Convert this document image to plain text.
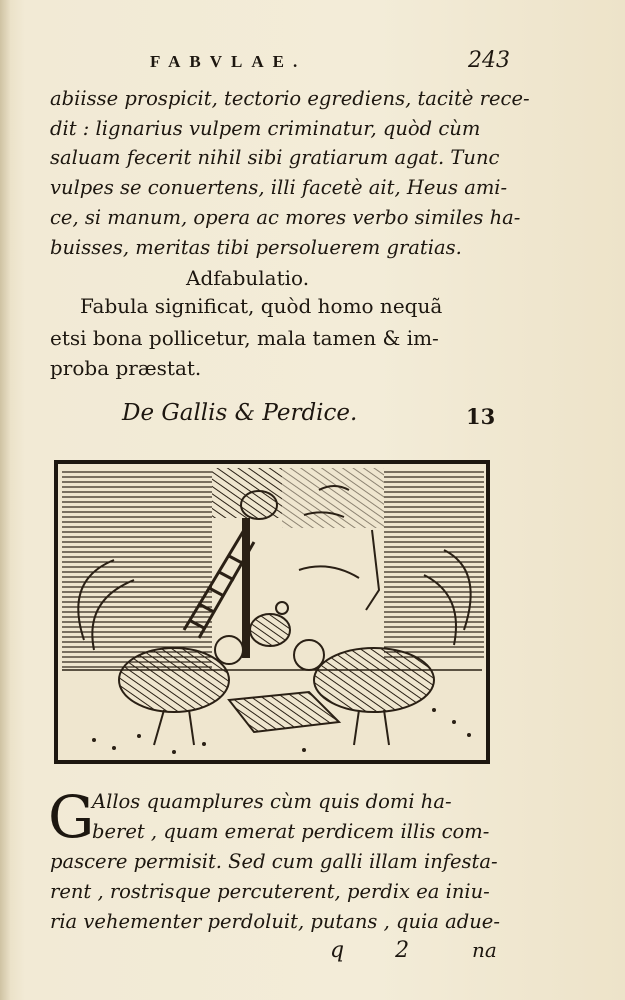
FABVLAE.	243
abiisse prospicit, tectorio egrediens, tacitè rece-
dit : lignarius vulpem criminatur, quòd cùm
saluam fecerit nihil sibi gratiarum agat. Tunc
vulpes se conuertens, illi facetè ait, Heus ami-
ce, si manum, opera ac mores verbo similes ha-
buisses, meritas tibi persoluerem gratias.
Adfabulatio.
Fabula significat, quòd homo nequã
etsi bona pollicetur, mala tamen & im-
proba præstat.
De Gallis & Perdice.	13
G
Allos quamplures cùm quis domi ha-
beret , quam emerat perdicem illis com-
pascere permisit. Sed cum galli illam infesta-
rent , rostrisque percuterent, perdix ea iniu-
ria vehementer perdoluit, putans , quia adue-
q 2 na
